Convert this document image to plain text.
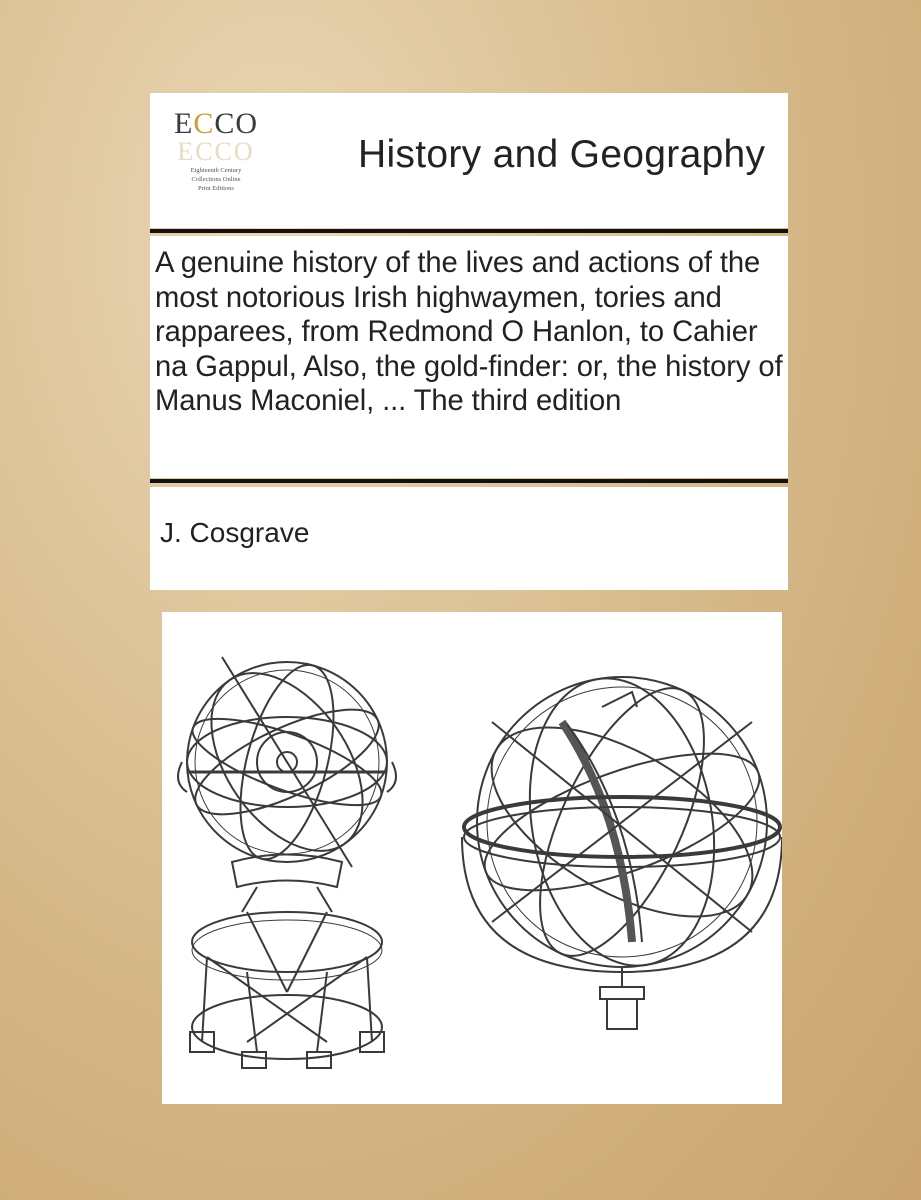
ECCO
ECCO
Eighteenth Century
Collections Online
Print Editions
History and Geography
A genuine history of the lives and actions of the most notorious Irish highwaymen, tories and rapparees, from Redmond O Hanlon, to Cahier na Gappul, Also, the gold-finder: or, the history of Manus Maconiel, ... The third edition
J. Cosgrave
